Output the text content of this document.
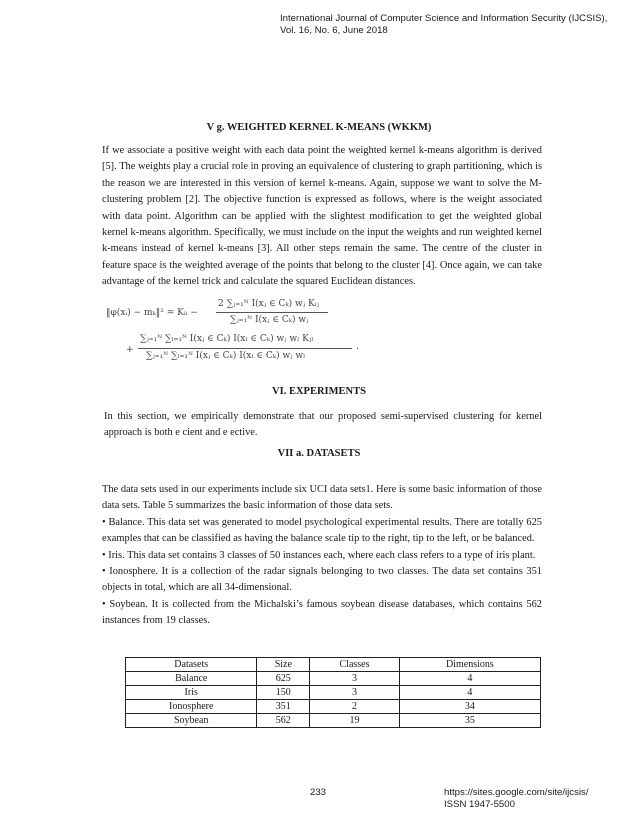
International Journal of Computer Science and Information Security (IJCSIS),
Vol. 16, No. 6, June 2018
V g. WEIGHTED KERNEL K-MEANS (WKKM)

If we associate a positive weight with each data point the weighted kernel k-means algorithm is derived [5]. The weights play a crucial role in proving an equivalence of clustering to graph partitioning, which is the reason we are interested in this version of kernel k-means. Again, suppose we want to solve the M-clustering problem [2]. The objective function is expressed as follows, where is the weight associated with data point. Algorithm can be applied with the slightest modification to get the weighted global kernel k-means algorithm. Specifically, we must include on the input the weights and run weighted kernel k-means instead of kernel k-means [3]. All other steps remain the same. The centre of the cluster in feature space is the weighted average of the points that belong to the cluster [4]. Once again, we can take advantage of the kernel trick and calculate the squared Euclidean distances.

‖φ(xᵢ) − mₖ‖² = Kᵢᵢ −
2 ∑ⱼ₌₁ᴺ I(xⱼ ∈ Cₖ) wⱼ Kᵢⱼ
∑ⱼ₌₁ᴺ I(xⱼ ∈ Cₖ) wⱼ
+
∑ⱼ₌₁ᴺ ∑ₗ₌₁ᴺ I(xⱼ ∈ Cₖ) I(xₗ ∈ Cₖ) wⱼ wₗ Kⱼₗ
∑ⱼ₌₁ᴺ ∑ₗ₌₁ᴺ I(xⱼ ∈ Cₖ) I(xₗ ∈ Cₖ) wⱼ wₗ
.
VI. EXPERIMENTS

In this section, we empirically demonstrate that our proposed semi-supervised clustering for kernel approach is both e cient and e ective.

VII a. DATASETS

The data sets used in our experiments include six UCI data sets1. Here is some basic information of those data sets. Table 5 summarizes the basic information of those data sets.

• Balance. This data set was generated to model psychological experimental results. There are totally 625 examples that can be classified as having the balance scale tip to the right, tip to the left, or be balanced.

• Iris. This data set contains 3 classes of 50 instances each, where each class refers to a type of iris plant.

• Ionosphere. It is a collection of the radar signals belonging to two classes. The data set contains 351 objects in total, which are all 34-dimensional.

• Soybean. It is collected from the Michalski’s famous soybean disease databases, which contains 562 instances from 19 classes.

Datasets	Size	Classes	Dimensions
Balance	625	3	4
Iris	150	3	4
Ionosphere	351	2	34
Soybean	562	19	35
233	https://sites.google.com/site/ijcsis/
ISSN 1947-5500
